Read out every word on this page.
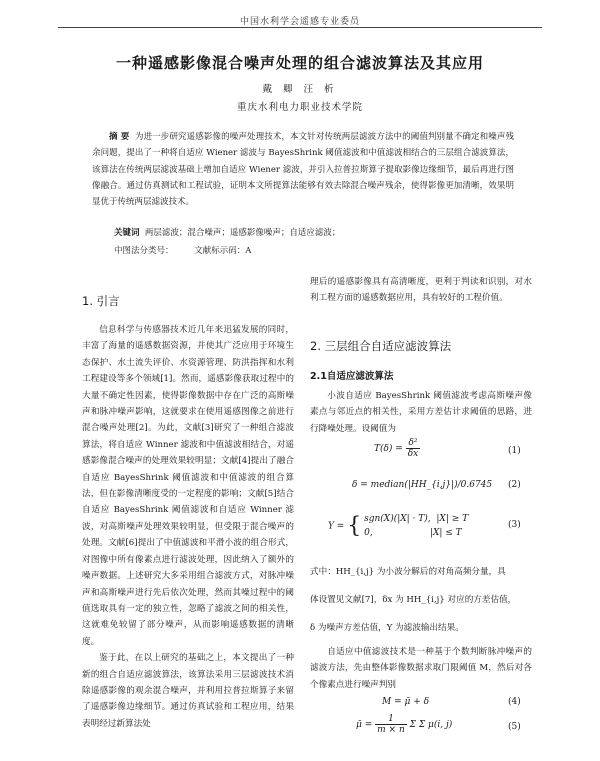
中国水利学会遥感专业委员
一种遥感影像混合噪声处理的组合滤波算法及其应用
戴 卿 汪 析
重庆水利电力职业技术学院

摘 要 为进一步研究遥感影像的噪声处理技术，本文针对传统两层滤波方法中的阈值判别量不确定和噪声残余问题，提出了一种将自适应 Wiener 滤波与 BayesShrink 阈值滤波和中值滤波相结合的三层组合滤波算法，该算法在传统两层滤波基础上增加自适应 Wiener 滤波，并引入拉普拉斯算子提取影像边缘细节，最后再进行图像融合。通过仿真测试和工程试验，证明本文所提算法能够有效去除混合噪声残余，使得影像更加清晰，效果明显优于传统两层滤波技术。

关键词 两层滤波；混合噪声；遥感影像噪声；自适应滤波；
中图法分类号： 文献标示码：A
1. 引言

信息科学与传感器技术近几年来迅猛发展的同时，丰富了海量的遥感数据资源，并使其广泛应用于环境生态保护、水土流失评价、水资源管理、防洪指挥和水利工程建设等多个领域[1]。然而，遥感影像获取过程中的大量不确定性因素，使得影像数据中存在广泛的高斯噪声和脉冲噪声影响，这就要求在使用遥感图像之前进行混合噪声处理[2]。为此，文献[3]研究了一种组合滤波算法，将自适应 Winner 滤波和中值滤波相结合，对遥感影像混合噪声的处理效果较明显；文献[4]提出了融合自适应 BayesShrink 阈值滤波和中值滤波的组合算法，但在影像清晰度受的一定程度的影响；文献[5]结合自适应 BayesShrink 阈值滤波和自适应 Winner 滤波，对高斯噪声处理效果较明显，但受限于混合噪声的处理。文献[6]提出了中值滤波和平滑小波的组合形式，对图像中所有像素点进行滤波处理，因此纳入了额外的噪声数据。上述研究大多采用组合滤波方式，对脉冲噪声和高斯噪声进行先后依次处理，然而其噪过程中的阈值选取具有一定的独立性，忽略了滤波之间的相关性，这就难免较留了部分噪声，从而影响遥感数据的清晰度。

鉴于此，在以上研究的基础之上，本文提出了一种新的组合自适应滤波算法，该算法采用三层滤波技术消除遥感影像的观余混合噪声，并利用拉普拉斯算子来留了遥感影像边缘细节。通过仿真试验和工程应用，结果表明经过新算法处

理后的遥感影像具有高清晰度，更利于判读和识别，对水利工程方面的遥感数据应用，具有较好的工程价值。

2. 三层组合自适应滤波算法
2.1自适应滤波算法

小波自适应 BayesShrink 阈值滤波考虑高斯噪声像素点与邻近点的相关性，采用方差估计求阈值的思路，进行降噪处理。设阈值为

$T(\delta) = \frac{\text{δ²}}{\delta x}$	(1)
δ = median(|HH_{i,j}|)/0.6745 (2)
Y = { sgn(X)(|X| · T), |X| ≥ T
0,	|X| ≤ T
(3)
式中：HH_{i,j} 为小波分解后的对角高频分量，具
体设置见文献[7]，δx 为 HH_{i,j} 对应的方差估值，
δ 为噪声方差估值，Y 为滤波输出结果。

自适应中值滤波技术是一种基于个数判断脉冲噪声的滤波方法，先由整体影像数据求取门限阈值 M，然后对各个像素点进行噪声判别

M = μ̄ + δ	(4)
μ̄ = $\frac{1}{m \times n}$ Σ Σ μ(i, j)	(5)
